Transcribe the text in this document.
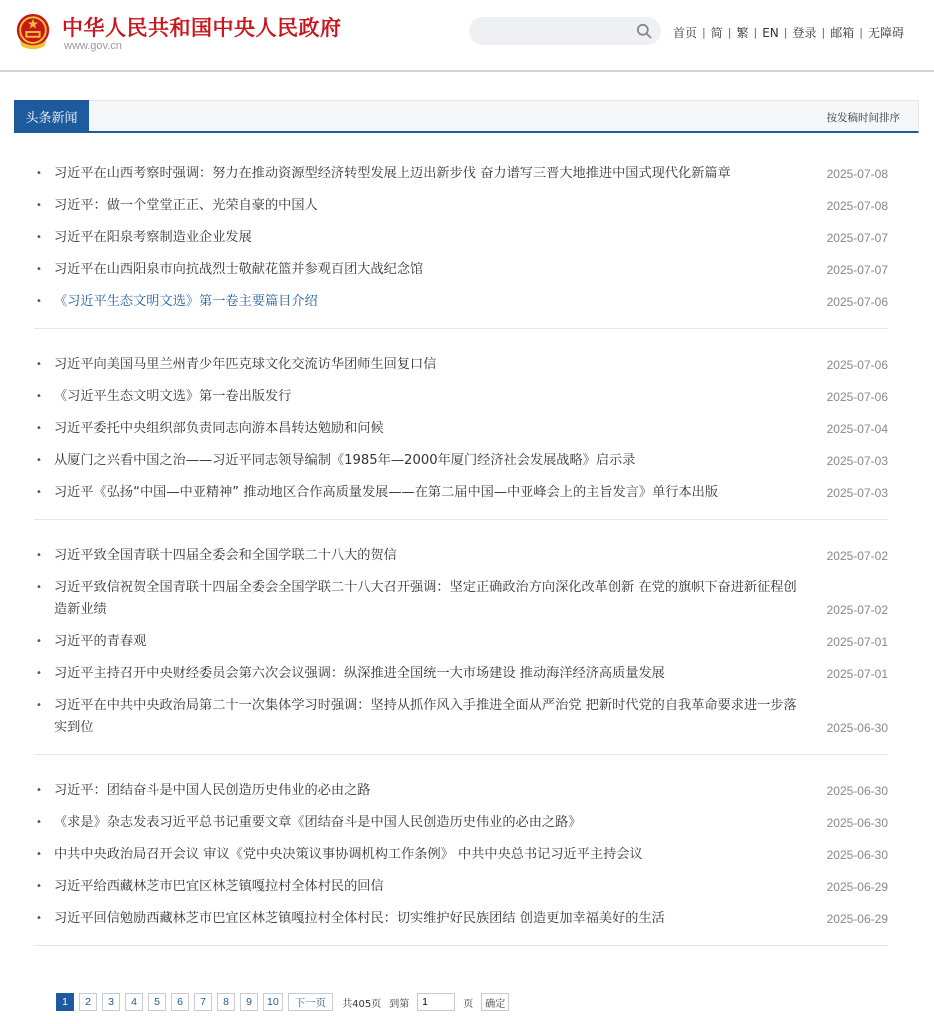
中华人民共和国中央人民政府
www.gov.cn
首页 | 简 | 繁 | EN | 登录 | 邮箱 | 无障碍
头条新闻	按发稿时间排序
• 习近平在山西考察时强调：努力在推动资源型经济转型发展上迈出新步伐 奋力谱写三晋大地推进中国式现代化新篇章	2025-07-08
• 习近平：做一个堂堂正正、光荣自豪的中国人	2025-07-08
• 习近平在阳泉考察制造业企业发展	2025-07-07
• 习近平在山西阳泉市向抗战烈士敬献花篮并参观百团大战纪念馆	2025-07-07
• 《习近平生态文明文选》第一卷主要篇目介绍	2025-07-06
• 习近平向美国马里兰州青少年匹克球文化交流访华团师生回复口信	2025-07-06
• 《习近平生态文明文选》第一卷出版发行	2025-07-06
• 习近平委托中央组织部负责同志向游本昌转达勉励和问候	2025-07-04
• 从厦门之兴看中国之治——习近平同志领导编制《1985年—2000年厦门经济社会发展战略》启示录	2025-07-03
• 习近平《弘扬“中国—中亚精神” 推动地区合作高质量发展——在第二届中国—中亚峰会上的主旨发言》单行本出版	2025-07-03
• 习近平致全国青联十四届全委会和全国学联二十八大的贺信	2025-07-02
• 习近平致信祝贺全国青联十四届全委会全国学联二十八大召开强调：坚定正确政治方向深化改革创新 在党的旗帜下奋进新征程创造新业绩	2025-07-02
• 习近平的青春观	2025-07-01
• 习近平主持召开中央财经委员会第六次会议强调：纵深推进全国统一大市场建设 推动海洋经济高质量发展	2025-07-01
• 习近平在中共中央政治局第二十一次集体学习时强调：坚持从抓作风入手推进全面从严治党 把新时代党的自我革命要求进一步落实到位	2025-06-30
• 习近平：团结奋斗是中国人民创造历史伟业的必由之路	2025-06-30
• 《求是》杂志发表习近平总书记重要文章《团结奋斗是中国人民创造历史伟业的必由之路》	2025-06-30
• 中共中央政治局召开会议 审议《党中央决策议事协调机构工作条例》 中共中央总书记习近平主持会议	2025-06-30
• 习近平给西藏林芝市巴宜区林芝镇嘎拉村全体村民的回信	2025-06-29
• 习近平回信勉励西藏林芝市巴宜区林芝镇嘎拉村全体村民：切实维护好民族团结 创造更加幸福美好的生活	2025-06-29
1	2	3	4	5	6	7	8	9	10	下一页	共405页 到第
1	页	确定
